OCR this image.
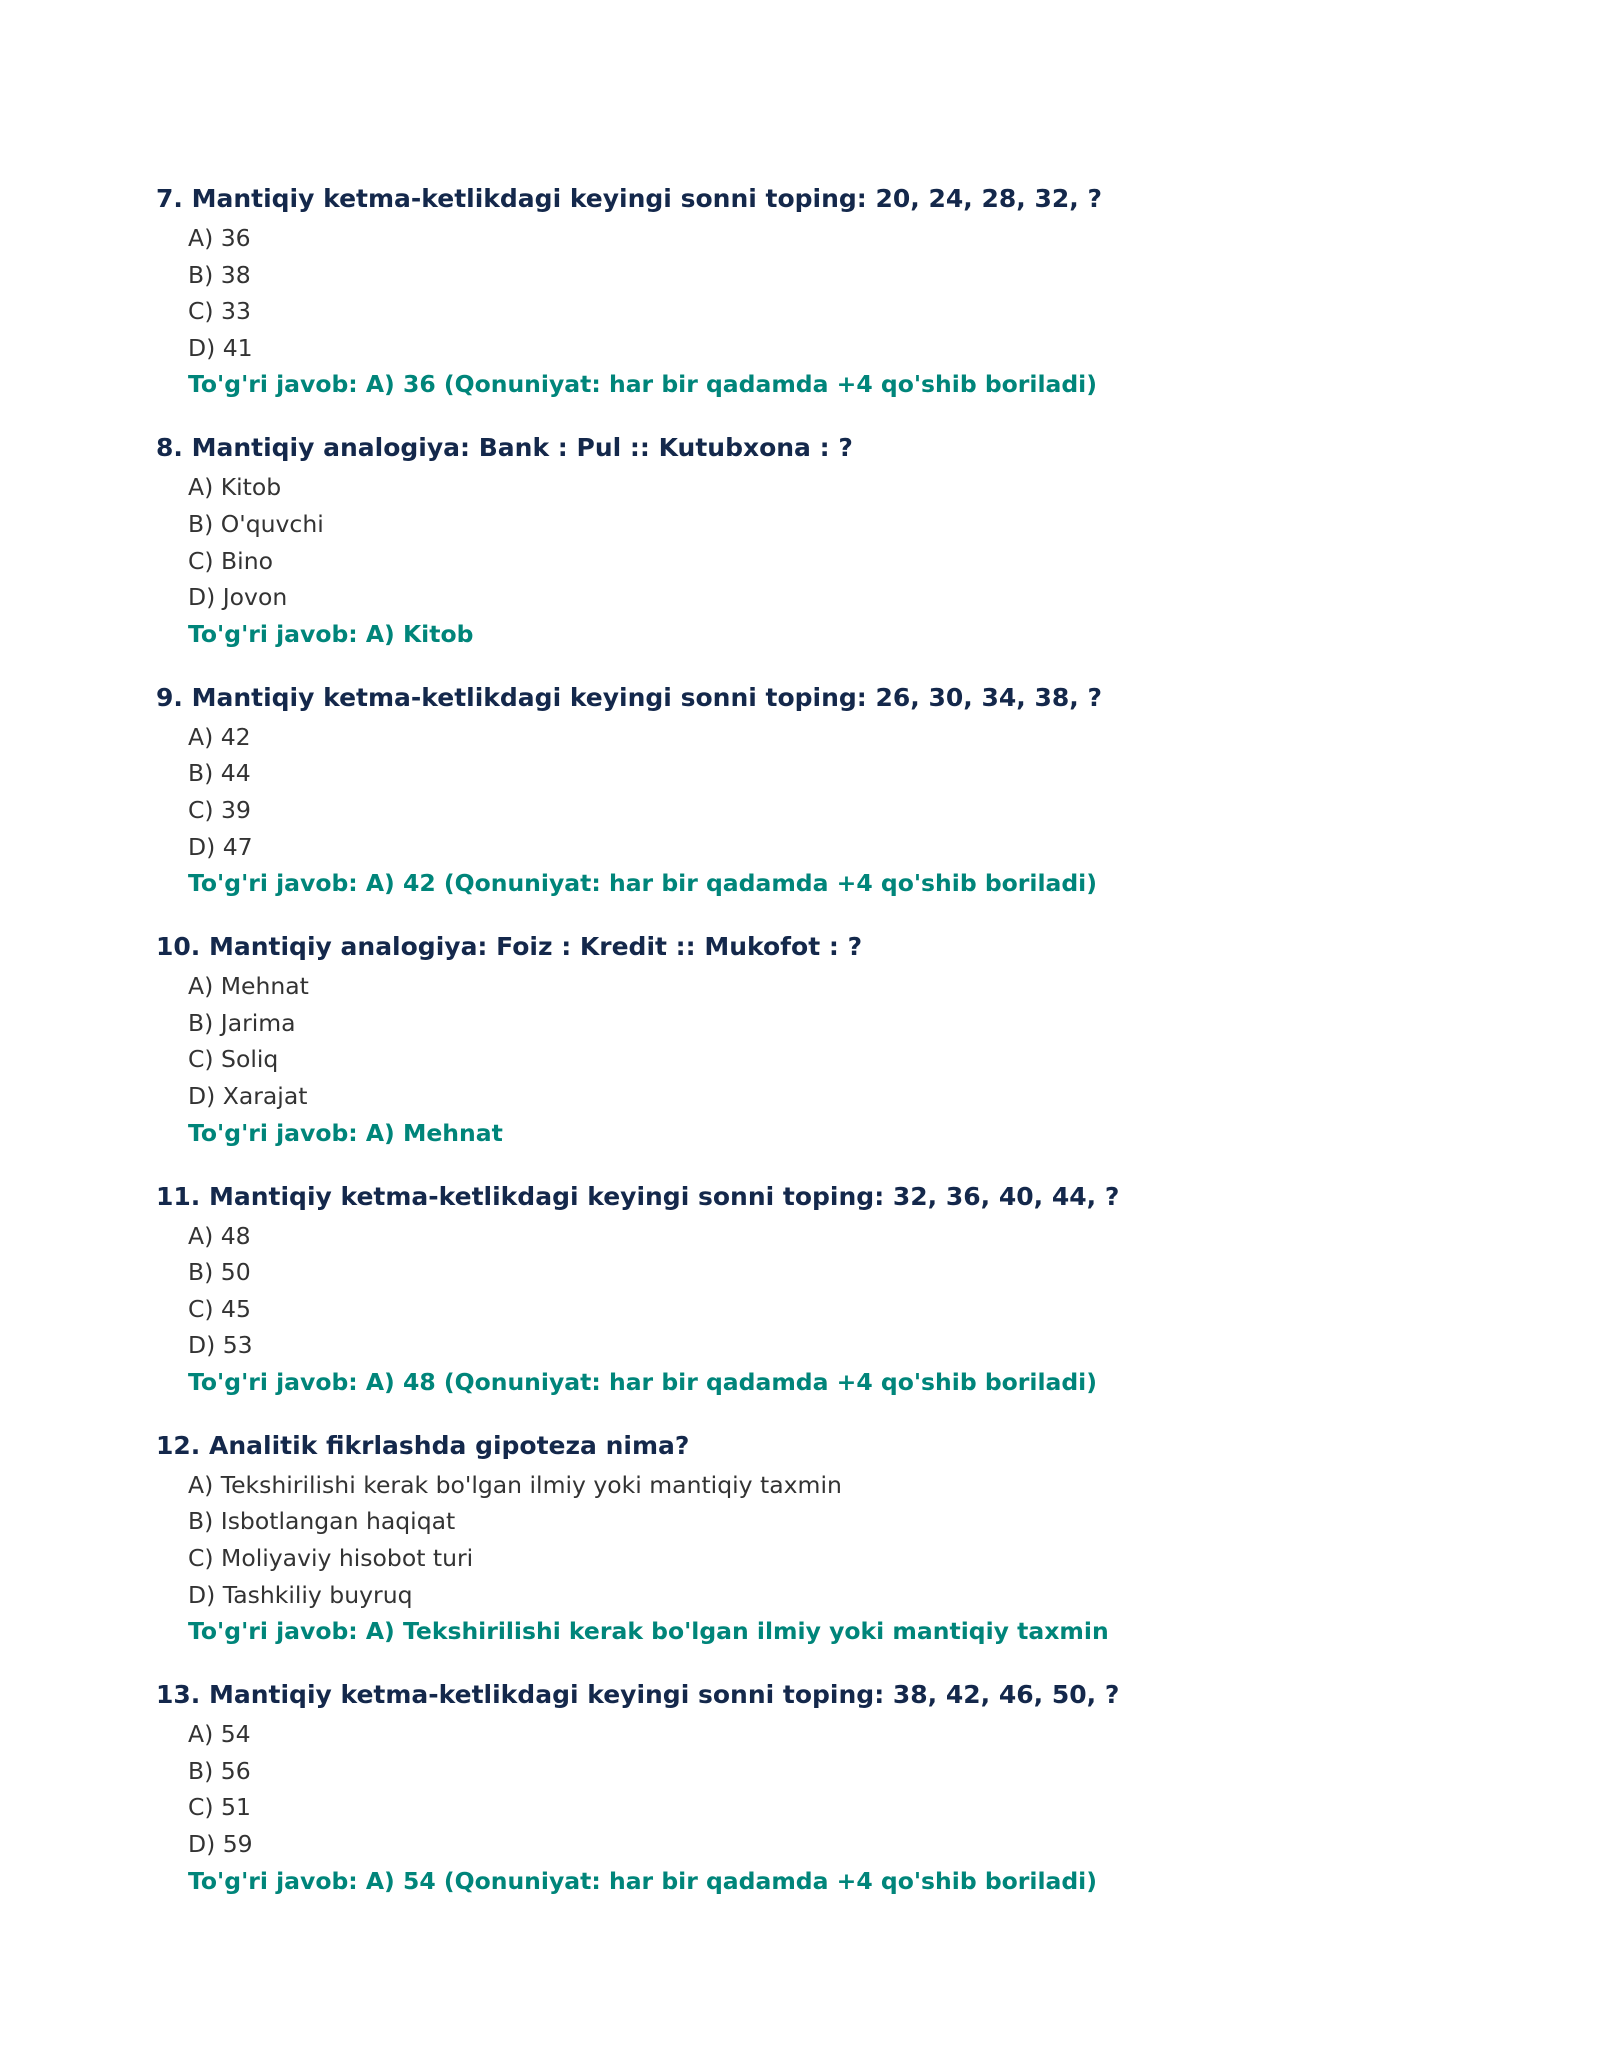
7. Mantiqiy ketma-ketlikdagi keyingi sonni toping: 20, 24, 28, 32, ?
A) 36
B) 38
C) 33
D) 41
To'g'ri javob: A) 36 (Qonuniyat: har bir qadamda +4 qo'shib boriladi)
8. Mantiqiy analogiya: Bank : Pul :: Kutubxona : ?
A) Kitob
B) O'quvchi
C) Bino
D) Jovon
To'g'ri javob: A) Kitob
9. Mantiqiy ketma-ketlikdagi keyingi sonni toping: 26, 30, 34, 38, ?
A) 42
B) 44
C) 39
D) 47
To'g'ri javob: A) 42 (Qonuniyat: har bir qadamda +4 qo'shib boriladi)
10. Mantiqiy analogiya: Foiz : Kredit :: Mukofot : ?
A) Mehnat
B) Jarima
C) Soliq
D) Xarajat
To'g'ri javob: A) Mehnat
11. Mantiqiy ketma-ketlikdagi keyingi sonni toping: 32, 36, 40, 44, ?
A) 48
B) 50
C) 45
D) 53
To'g'ri javob: A) 48 (Qonuniyat: har bir qadamda +4 qo'shib boriladi)
12. Analitik fikrlashda gipoteza nima?
A) Tekshirilishi kerak bo'lgan ilmiy yoki mantiqiy taxmin
B) Isbotlangan haqiqat
C) Moliyaviy hisobot turi
D) Tashkiliy buyruq
To'g'ri javob: A) Tekshirilishi kerak bo'lgan ilmiy yoki mantiqiy taxmin
13. Mantiqiy ketma-ketlikdagi keyingi sonni toping: 38, 42, 46, 50, ?
A) 54
B) 56
C) 51
D) 59
To'g'ri javob: A) 54 (Qonuniyat: har bir qadamda +4 qo'shib boriladi)
